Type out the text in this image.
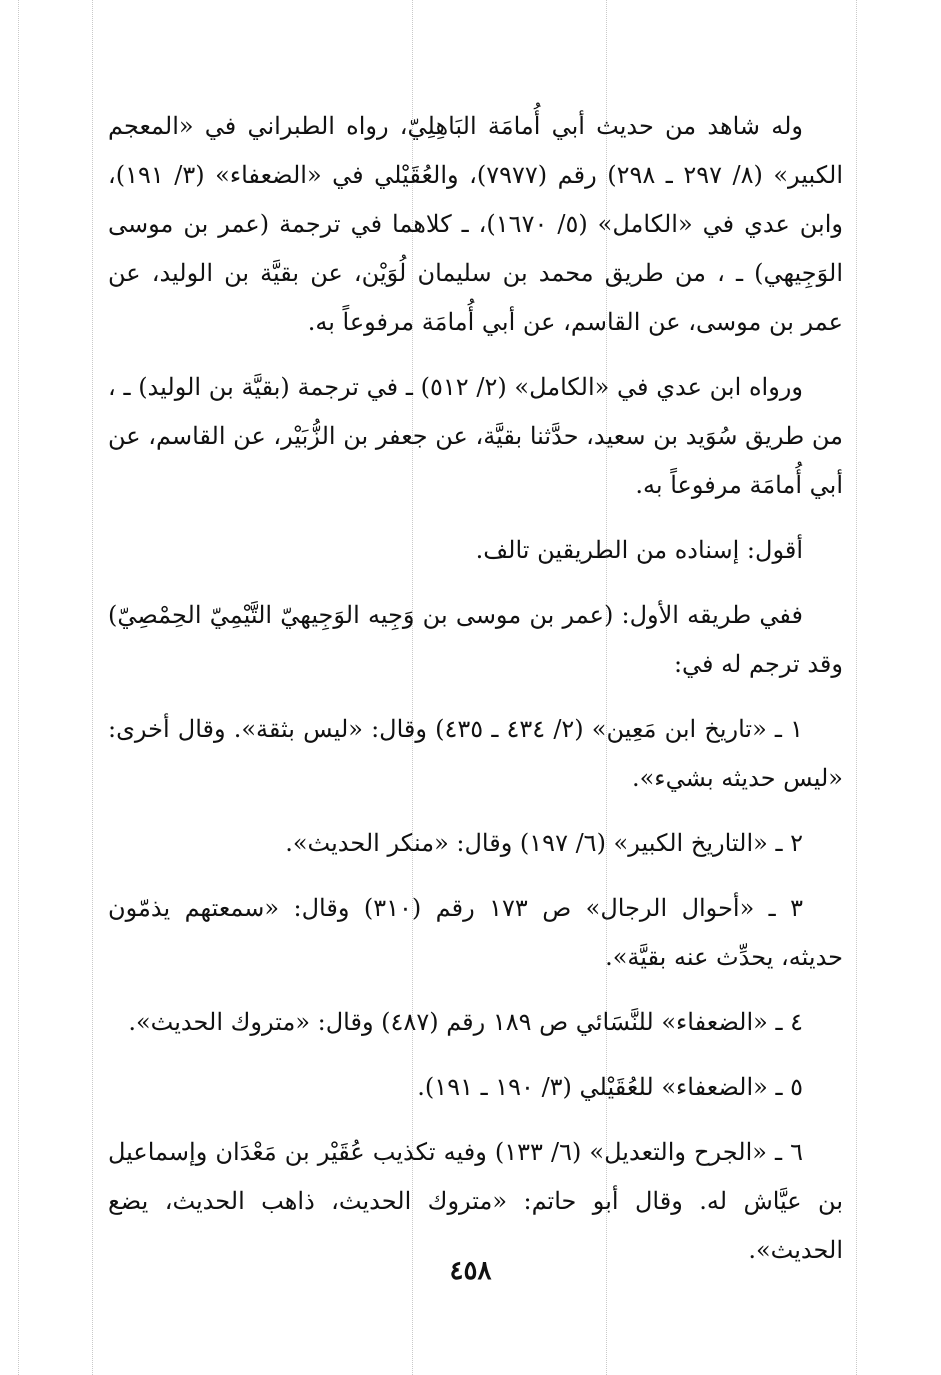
وله شاهد من حديث أبي أُمامَة البَاهِلِيّ، رواه الطبراني في «المعجم الكبير» (٨/ ٢٩٧ ـ ٢٩٨) رقم (٧٩٧٧)، والعُقَيْلي في «الضعفاء» (٣/ ١٩١)، وابن عدي في «الكامل» (٥/ ١٦٧٠)، ـ كلاهما في ترجمة (عمر بن موسى الوَجِيهي) ـ ، من طريق محمد بن سليمان لُوَيْن، عن بقيَّة بن الوليد، عن عمر بن موسى، عن القاسم، عن أبي أُمامَة مرفوعاً به.

ورواه ابن عدي في «الكامل» (٢/ ٥١٢) ـ في ترجمة (بقيَّة بن الوليد) ـ ، من طريق سُوَيد بن سعيد، حدَّثنا بقيَّة، عن جعفر بن الزُّبَيْر، عن القاسم، عن أبي أُمامَة مرفوعاً به.

أقول: إسناده من الطريقين تالف.

ففي طريقه الأول: (عمر بن موسى بن وَجِيه الوَجِيهيّ التَّيْمِيّ الحِمْصِيّ) وقد ترجم له في:

١ ـ «تاريخ ابن مَعِين» (٢/ ٤٣٤ ـ ٤٣٥) وقال: «ليس بثقة». وقال أخرى: «ليس حديثه بشيء».

٢ ـ «التاريخ الكبير» (٦/ ١٩٧) وقال: «منكر الحديث».

٣ ـ «أحوال الرجال» ص ١٧٣ رقم (٣١٠) وقال: «سمعتهم يذمّون حديثه، يحدِّث عنه بقيَّة».

٤ ـ «الضعفاء» للنَّسَائي ص ١٨٩ رقم (٤٨٧) وقال: «متروك الحديث».

٥ ـ «الضعفاء» للعُقَيْلي (٣/ ١٩٠ ـ ١٩١).

٦ ـ «الجرح والتعديل» (٦/ ١٣٣) وفيه تكذيب عُقَيْر بن مَعْدَان وإسماعيل بن عيَّاش له. وقال أبو حاتم: «متروك الحديث، ذاهب الحديث، يضع الحديث».

٤٥٨
